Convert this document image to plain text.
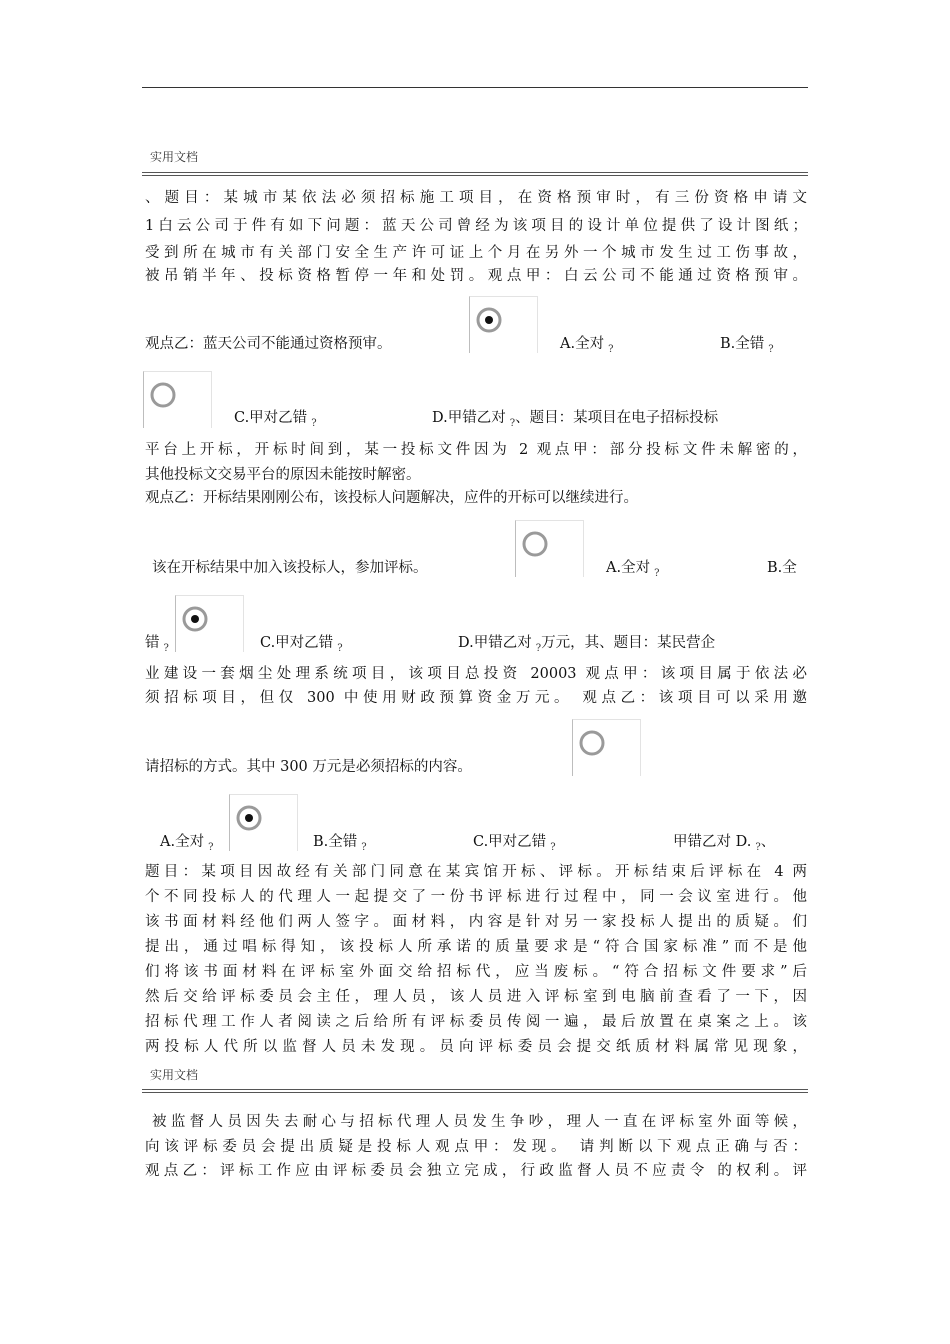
实用文档
、题目：某城市某依法必须招标施工项目，在资格预审时，有三份资格申请文
1白云公司于件有如下问题：蓝天公司曾经为该项目的设计单位提供了设计图纸；
受到所在城市有关部门安全生产许可证上个月在另外一个城市发生过工伤事故，
被吊销半年、投标资格暂停一年和处罚。观点甲：白云公司不能通过资格预审。
观点乙：蓝天公司不能通过资格预审。	A.全对 $_?$	B.全错 $_?$
C.甲对乙错 $_?$	D.甲错乙对 $_?$、题目：某项目在电子招标投标
平台上开标，开标时间到，某一投标文件因为 2 观点甲：部分投标文件未解密的，
其他投标文交易平台的原因未能按时解密。
观点乙：开标结果刚刚公布，该投标人问题解决，应件的开标可以继续进行。
该在开标结果中加入该投标人，参加评标。	A.全对 $_?$	B.全
错 $_?$	C.甲对乙错 $_?$	D.甲错乙对 $_?$万元，其、题目：某民营企
业建设一套烟尘处理系统项目，该项目总投资 20003 观点甲：该项目属于依法必
须招标项目，但仅 300 中使用财政预算资金万元。 观点乙：该项目可以采用邀
请招标的方式。其中 300 万元是必须招标的内容。
A.全对 $_?$	B.全错 $_?$	C.甲对乙错 $_?$	甲错乙对 D. $_?$、
题目：某项目因故经有关部门同意在某宾馆开标、评标。开标结束后评标在 4 两
个不同投标人的代理人一起提交了一份书评标进行过程中，同一会议室进行。他
该书面材料经他们两人签字。面材料，内容是针对另一家投标人提出的质疑。们
提出，通过唱标得知，该投标人所承诺的质量要求是“符合国家标准”而不是他
们将该书面材料在评标室外面交给招标代，应当废标。“符合招标文件要求”后
然后交给评标委员会主任，理人员，该人员进入评标室到电脑前查看了一下，因
招标代理工作人者阅读之后给所有评标委员传阅一遍，最后放置在桌案之上。该
两投标人代所以监督人员未发现。员向评标委员会提交纸质材料属常见现象，
实用文档
被监督人员因失去耐心与招标代理人员发生争吵，理人一直在评标室外面等候，
向该评标委员会提出质疑是投标人观点甲：发现。 请判断以下观点正确与否：
观点乙：评标工作应由评标委员会独立完成，行政监督人员不应责令 的权利。评
